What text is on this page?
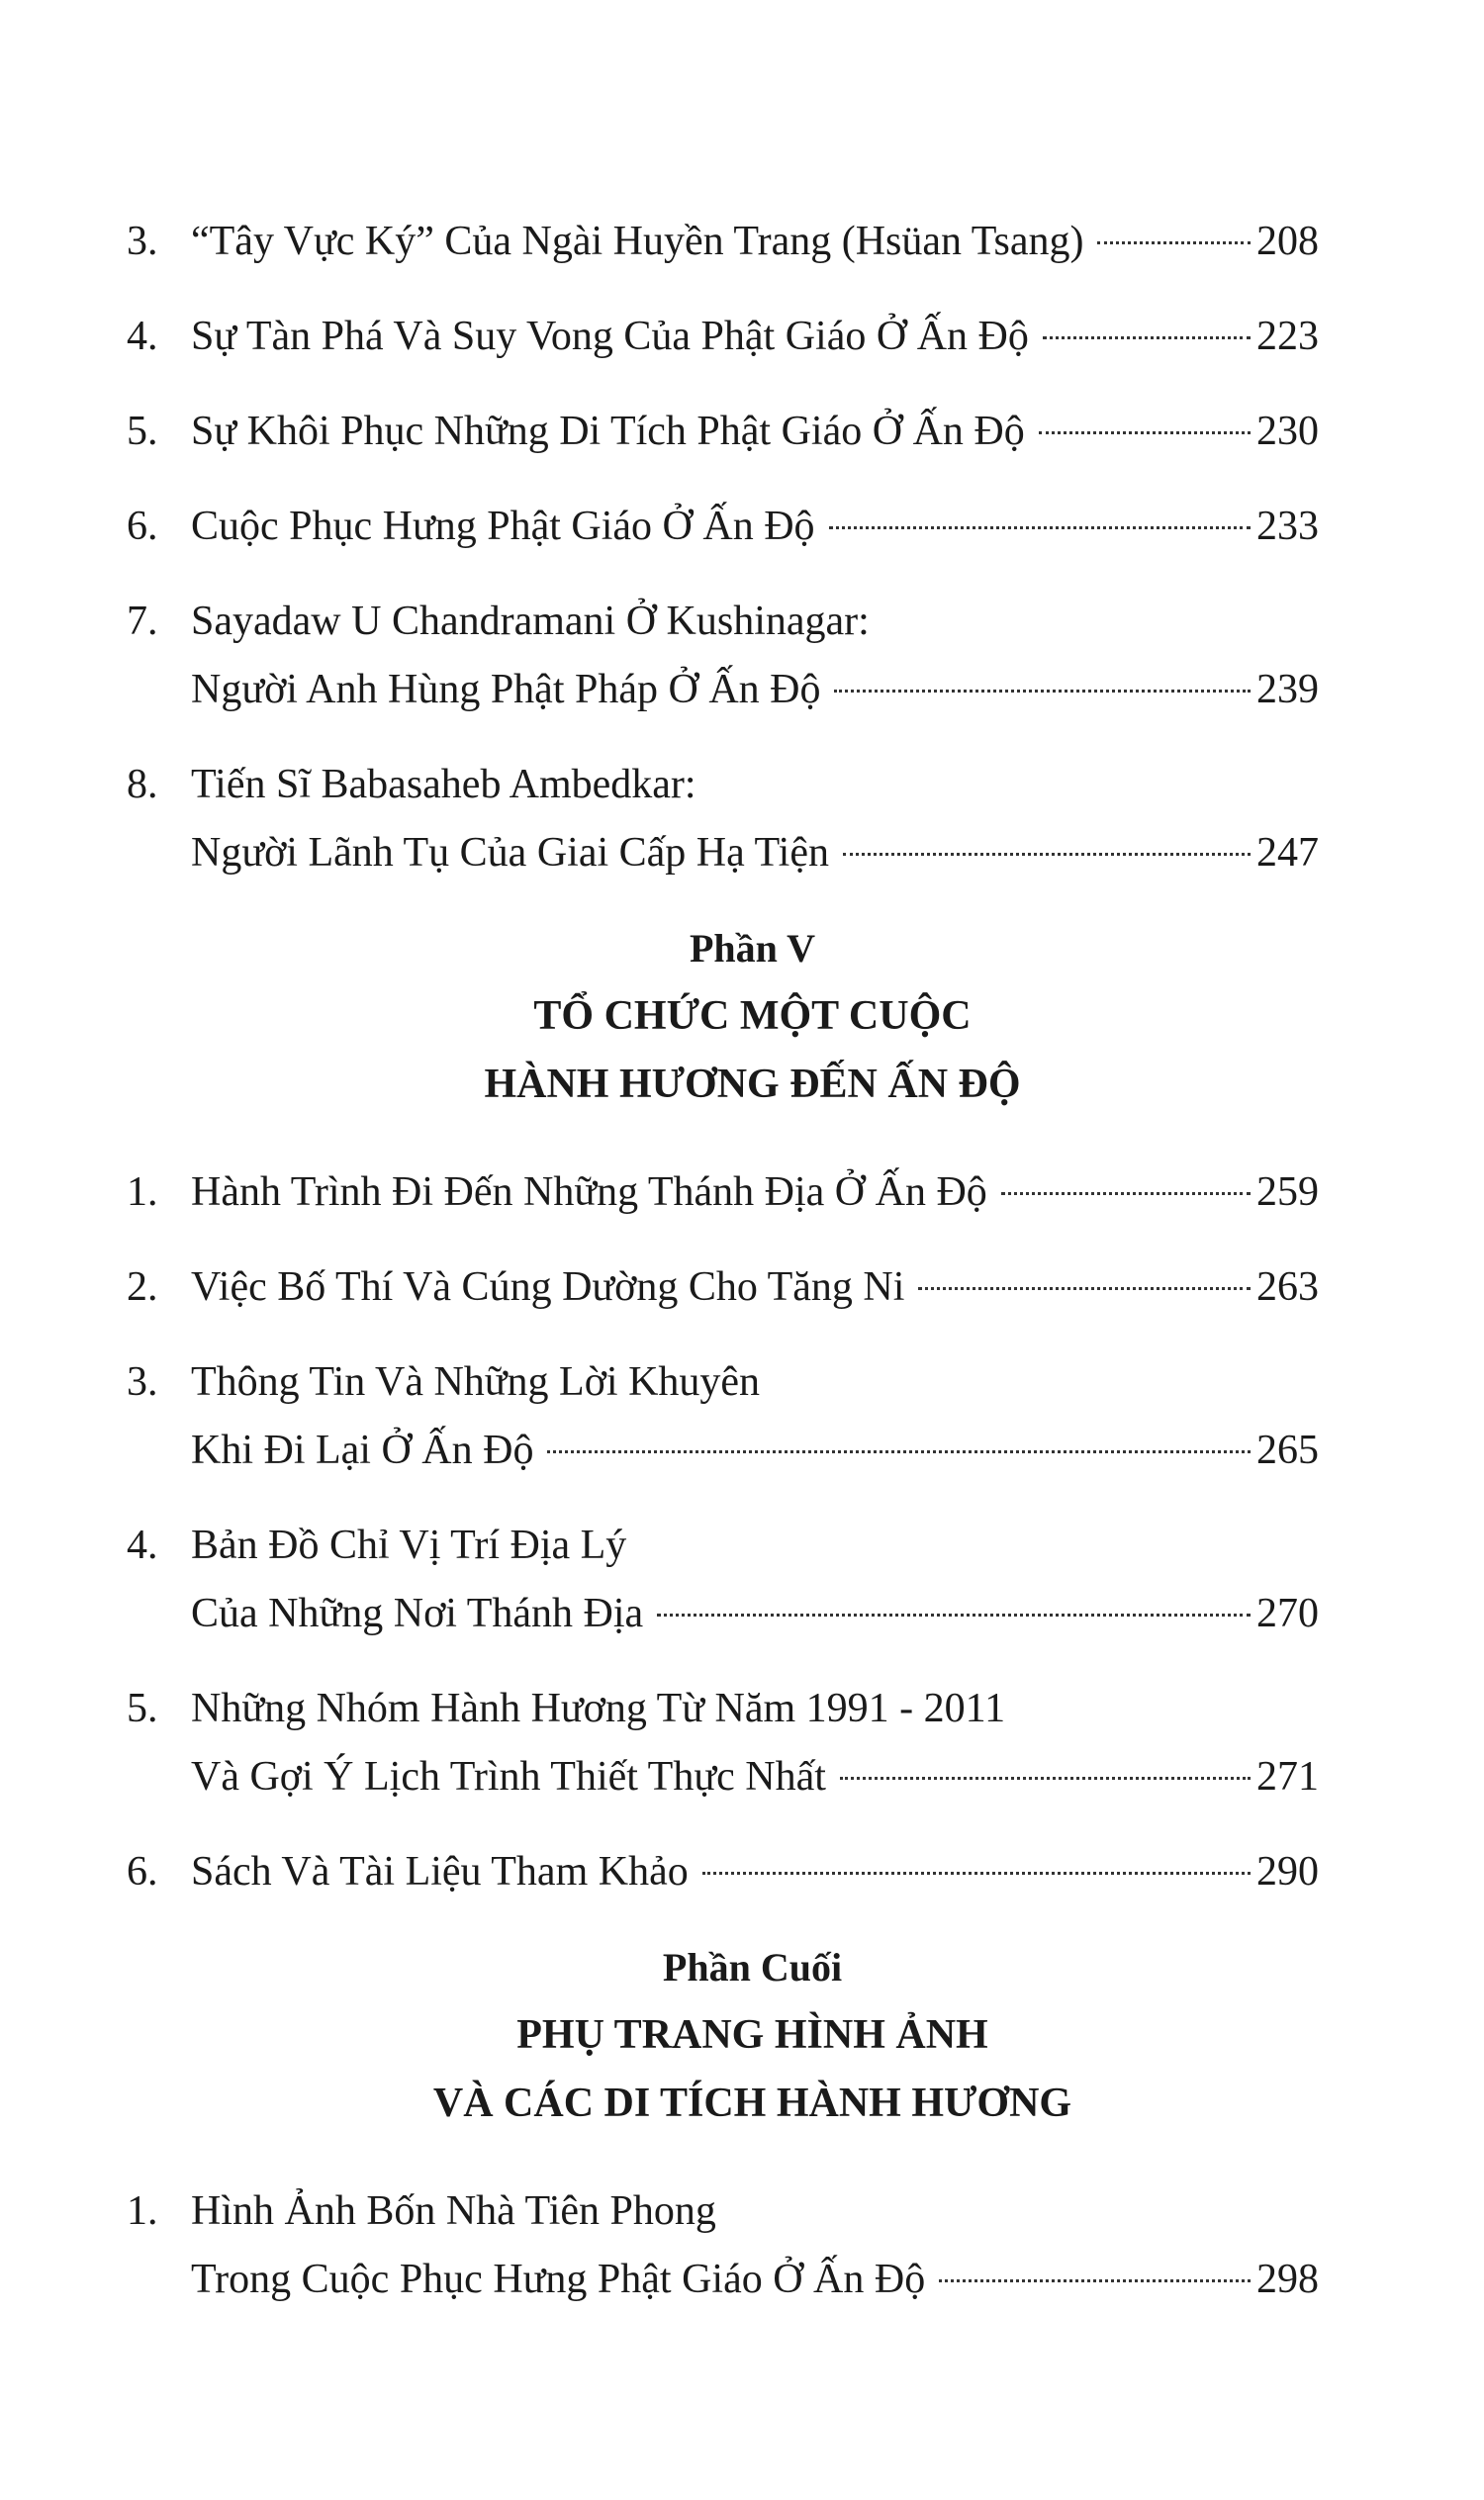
3. “Tây Vực Ký” Của Ngài Huyền Trang (Hsüan Tsang)	208
4. Sự Tàn Phá Và Suy Vong Của Phật Giáo Ở Ấn Độ	223
5. Sự Khôi Phục Những Di Tích Phật Giáo Ở Ấn Độ	230
6. Cuộc Phục Hưng Phật Giáo Ở Ấn Độ	233
7. Sayadaw U Chandramani Ở Kushinagar:
Người Anh Hùng Phật Pháp Ở Ấn Độ	239
8. Tiến Sĩ Babasaheb Ambedkar:
Người Lãnh Tụ Của Giai Cấp Hạ Tiện	247
Phần V
TỔ CHỨC MỘT CUỘC
HÀNH HƯƠNG ĐẾN ẤN ĐỘ
1. Hành Trình Đi Đến Những Thánh Địa Ở Ấn Độ	259
2. Việc Bố Thí Và Cúng Dường Cho Tăng Ni	263
3. Thông Tin Và Những Lời Khuyên
Khi Đi Lại Ở Ấn Độ	265
4. Bản Đồ Chỉ Vị Trí Địa Lý
Của Những Nơi Thánh Địa	270
5. Những Nhóm Hành Hương Từ Năm 1991 - 2011
Và Gợi Ý Lịch Trình Thiết Thực Nhất	271
6. Sách Và Tài Liệu Tham Khảo	290
Phần Cuối
PHỤ TRANG HÌNH ẢNH
VÀ CÁC DI TÍCH HÀNH HƯƠNG
1. Hình Ảnh Bốn Nhà Tiên Phong
Trong Cuộc Phục Hưng Phật Giáo Ở Ấn Độ	298
